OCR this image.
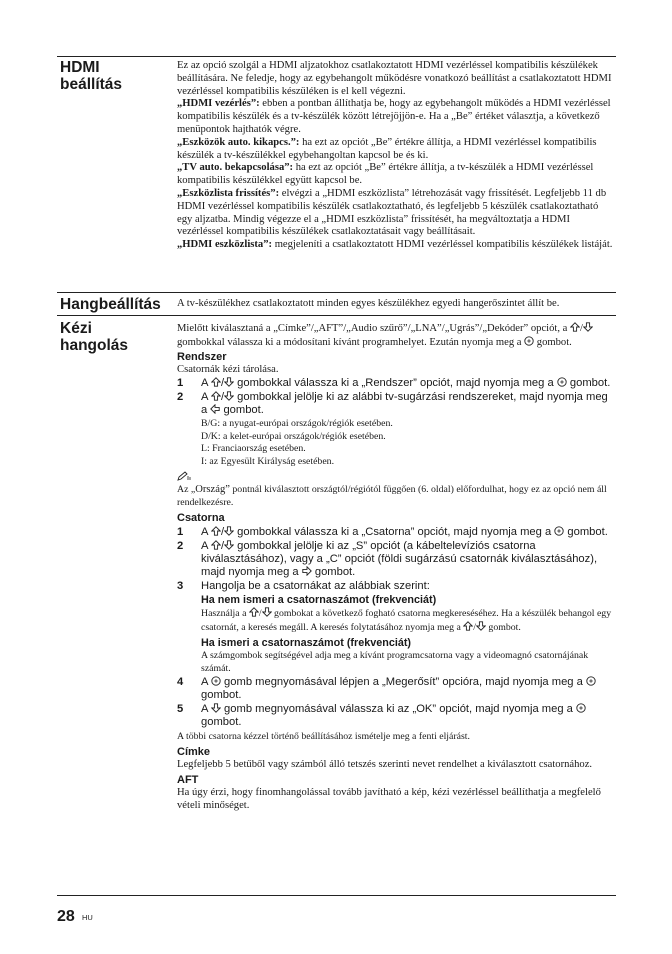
HDMI beállítás

Ez az opció szolgál a HDMI aljzatokhoz csatlakoztatott HDMI vezérléssel kompatibilis készülékek beállítására. Ne feledje, hogy az egybehangolt működésre vonatkozó beállítást a csatlakoztatott HDMI vezérléssel kompatibilis készüléken is el kell végezni.

„HDMI vezérlés”: ebben a pontban állíthatja be, hogy az egybehangolt működés a HDMI vezérléssel kompatibilis készülék és a tv-készülék között létrejöjjön-e. Ha a „Be” értéket választja, a következő menüpontok hajthatók végre.

„Eszközök auto. kikapcs.”: ha ezt az opciót „Be” értékre állítja, a HDMI vezérléssel kompatibilis készülék a tv-készülékkel egybehangoltan kapcsol be és ki.

„TV auto. bekapcsolása”: ha ezt az opciót „Be” értékre állítja, a tv-készülék a HDMI vezérléssel kompatibilis készülékkel együtt kapcsol be.

„Eszközlista frissítés”: elvégzi a „HDMI eszközlista” létrehozását vagy frissítését. Legfeljebb 11 db HDMI vezérléssel kompatibilis készülék csatlakoztatható, és legfeljebb 5 készülék csatlakoztatható egy aljzatba. Mindig végezze el a „HDMI eszközlista” frissítését, ha megváltoztatja a HDMI vezérléssel kompatibilis készülékek csatlakoztatásait vagy beállításait.

„HDMI eszközlista”: megjeleníti a csatlakoztatott HDMI vezérléssel kompatibilis készülékek listáját.

Hangbeállítás A tv-készülékhez csatlakoztatott minden egyes készülékhez egyedi hangerőszintet állít be.

Kézi hangolás

Mielőtt kiválasztaná a „Címke”/„AFT”/„Audio szűrő”/„LNA”/„Ugrás”/„Dekóder” opciót, a / gombokkal válassza ki a módosítani kívánt programhelyet. Ezután nyomja meg a  gombot.

Rendszer

Csatornák kézi tárolása.

1 A / gombokkal válassza ki a „Rendszer” opciót, majd nyomja meg a  gombot.
2 A / gombokkal jelölje ki az alábbi tv-sugárzási rendszereket, majd nyomja meg a  gombot.
B/G: a nyugat-európai országok/régiók esetében.
D/K: a kelet-európai országok/régiók esetében.
L: Franciaország esetében.
I: az Egyesült Királyság esetében.

Az „Ország” pontnál kiválasztott országtól/régiótól függően (6. oldal) előfordulhat, hogy ez az opció nem áll rendelkezésre.

Csatorna
1 A / gombokkal válassza ki a „Csatorna” opciót, majd nyomja meg a  gombot.
2 A / gombokkal jelölje ki az „S” opciót (a kábeltelevíziós csatorna kiválasztásához), vagy a „C” opciót (földi sugárzású csatornák kiválasztásához), majd nyomja meg a  gombot.
3 Hangolja be a csatornákat az alábbiak szerint:
Ha nem ismeri a csatornaszámot (frekvenciát)
Használja a / gombokat a következő fogható csatorna megkereséséhez. Ha a készülék behangol egy csatornát, a keresés megáll. A keresés folytatásához nyomja meg a / gombot.
Ha ismeri a csatornaszámot (frekvenciát)
A számgombok segítségével adja meg a kívánt programcsatorna vagy a videomagnó csatornájának számát.
4 A  gomb megnyomásával lépjen a „Megerősít” opcióra, majd nyomja meg a  gombot.
5 A  gomb megnyomásával válassza ki az „OK” opciót, majd nyomja meg a  gombot.

A többi csatorna kézzel történő beállításához ismételje meg a fenti eljárást.

Címke

Legfeljebb 5 betűből vagy számból álló tetszés szerinti nevet rendelhet a kiválasztott csatornához.

AFT

Ha úgy érzi, hogy finomhangolással tovább javítható a kép, kézi vezérléssel beállíthatja a megfelelő vételi minőséget.

28 HU
